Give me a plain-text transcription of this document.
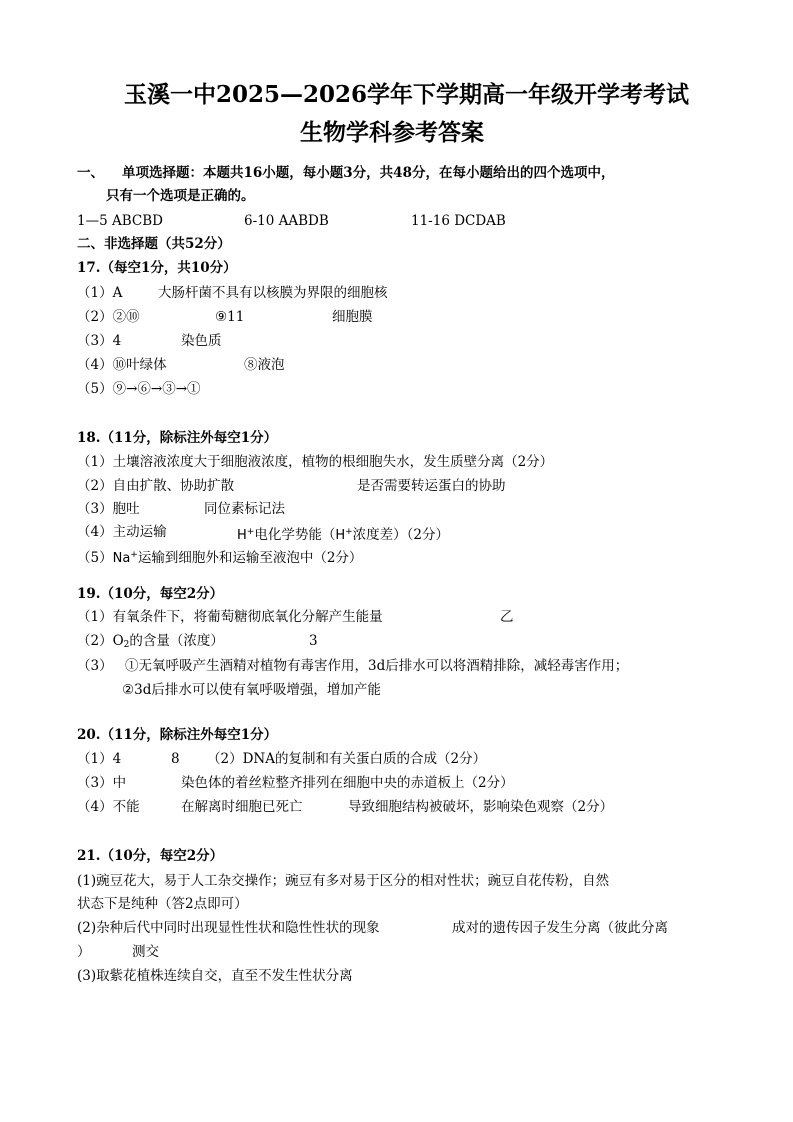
玉溪一中2025—2026学年下学期高一年级开学考考试
生物学科参考答案
一、 单项选择题：本题共16小题，每小题3分，共48分，在每小题给出的四个选项中，
只有一个选项是正确的。
1—5 ABCBD	6-10 AABDB	11-16 DCDAB
二、非选择题（共52分）
17.（每空1分，共10分）
（1）A	大肠杆菌不具有以核膜为界限的细胞核
（2）②⑩	⑨11	细胞膜
（3）4	染色质
（4）⑩叶绿体	⑧液泡
（5）⑨→⑥→③→①
18.（11分，除标注外每空1分）
（1）土壤溶液浓度大于细胞液浓度，植物的根细胞失水，发生质壁分离（2分）
（2）自由扩散、协助扩散	是否需要转运蛋白的协助
（3）胞吐	同位素标记法
（4）主动运输	H+电化学势能（H+浓度差）（2分）
（5）Na+运输到细胞外和运输至液泡中（2分）
19.（10分，每空2分）
（1）有氧条件下，将葡萄糖彻底氧化分解产生能量	乙
$(2)O_2$的含量（浓度）	3
（3） ①无氧呼吸产生酒精对植物有毒害作用，3d后排水可以将酒精排除，减轻毒害作用；
②3d后排水可以使有氧呼吸增强，增加产能
20.（11分，除标注外每空1分）
（1）4	8 （2）DNA的复制和有关蛋白质的合成（2分）
（3）中	染色体的着丝粒整齐排列在细胞中央的赤道板上（2分）
（4）不能	在解离时细胞已死亡	导致细胞结构被破坏，影响染色观察（2分）
21.（10分，每空2分）
(1)豌豆花大，易于人工杂交操作；豌豆有多对易于区分的相对性状；豌豆自花传粉，自然
状态下是纯种（答2点即可）
(2)杂种后代中同时出现显性性状和隐性性状的现象	成对的遗传因子发生分离（彼此分离
）	测交
(3)取紫花植株连续自交，直至不发生性状分离
